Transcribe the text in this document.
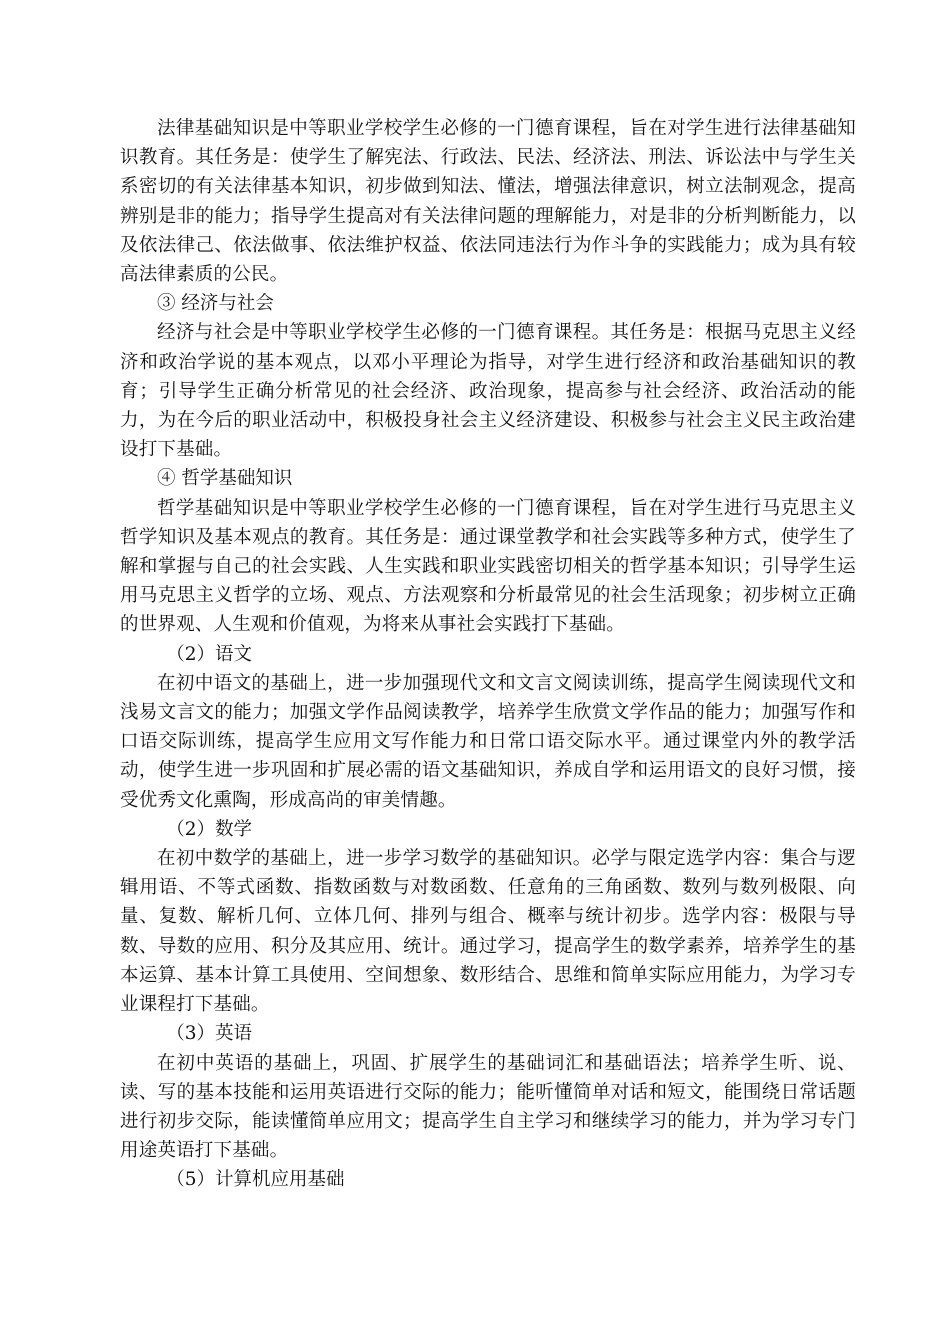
法律基础知识是中等职业学校学生必修的一门德育课程，旨在对学生进行法律基础知识教育。其任务是：使学生了解宪法、行政法、民法、经济法、刑法、诉讼法中与学生关系密切的有关法律基本知识，初步做到知法、懂法，增强法律意识，树立法制观念，提高辨别是非的能力；指导学生提高对有关法律问题的理解能力，对是非的分析判断能力，以及依法律己、依法做事、依法维护权益、依法同违法行为作斗争的实践能力；成为具有较高法律素质的公民。

③ 经济与社会

经济与社会是中等职业学校学生必修的一门德育课程。其任务是：根据马克思主义经济和政治学说的基本观点，以邓小平理论为指导，对学生进行经济和政治基础知识的教育；引导学生正确分析常见的社会经济、政治现象，提高参与社会经济、政治活动的能力，为在今后的职业活动中，积极投身社会主义经济建设、积极参与社会主义民主政治建设打下基础。

④ 哲学基础知识

哲学基础知识是中等职业学校学生必修的一门德育课程，旨在对学生进行马克思主义哲学知识及基本观点的教育。其任务是：通过课堂教学和社会实践等多种方式，使学生了解和掌握与自己的社会实践、人生实践和职业实践密切相关的哲学基本知识；引导学生运用马克思主义哲学的立场、观点、方法观察和分析最常见的社会生活现象；初步树立正确的世界观、人生观和价值观，为将来从事社会实践打下基础。

（2）语文

在初中语文的基础上，进一步加强现代文和文言文阅读训练，提高学生阅读现代文和浅易文言文的能力；加强文学作品阅读教学，培养学生欣赏文学作品的能力；加强写作和口语交际训练，提高学生应用文写作能力和日常口语交际水平。通过课堂内外的教学活动，使学生进一步巩固和扩展必需的语文基础知识，养成自学和运用语文的良好习惯，接受优秀文化熏陶，形成高尚的审美情趣。

（2）数学

在初中数学的基础上，进一步学习数学的基础知识。必学与限定选学内容：集合与逻辑用语、不等式函数、指数函数与对数函数、任意角的三角函数、数列与数列极限、向量、复数、解析几何、立体几何、排列与组合、概率与统计初步。选学内容：极限与导数、导数的应用、积分及其应用、统计。通过学习，提高学生的数学素养，培养学生的基本运算、基本计算工具使用、空间想象、数形结合、思维和简单实际应用能力，为学习专业课程打下基础。

（3）英语

在初中英语的基础上，巩固、扩展学生的基础词汇和基础语法；培养学生听、说、读、写的基本技能和运用英语进行交际的能力；能听懂简单对话和短文，能围绕日常话题进行初步交际，能读懂简单应用文；提高学生自主学习和继续学习的能力，并为学习专门用途英语打下基础。

（5）计算机应用基础
